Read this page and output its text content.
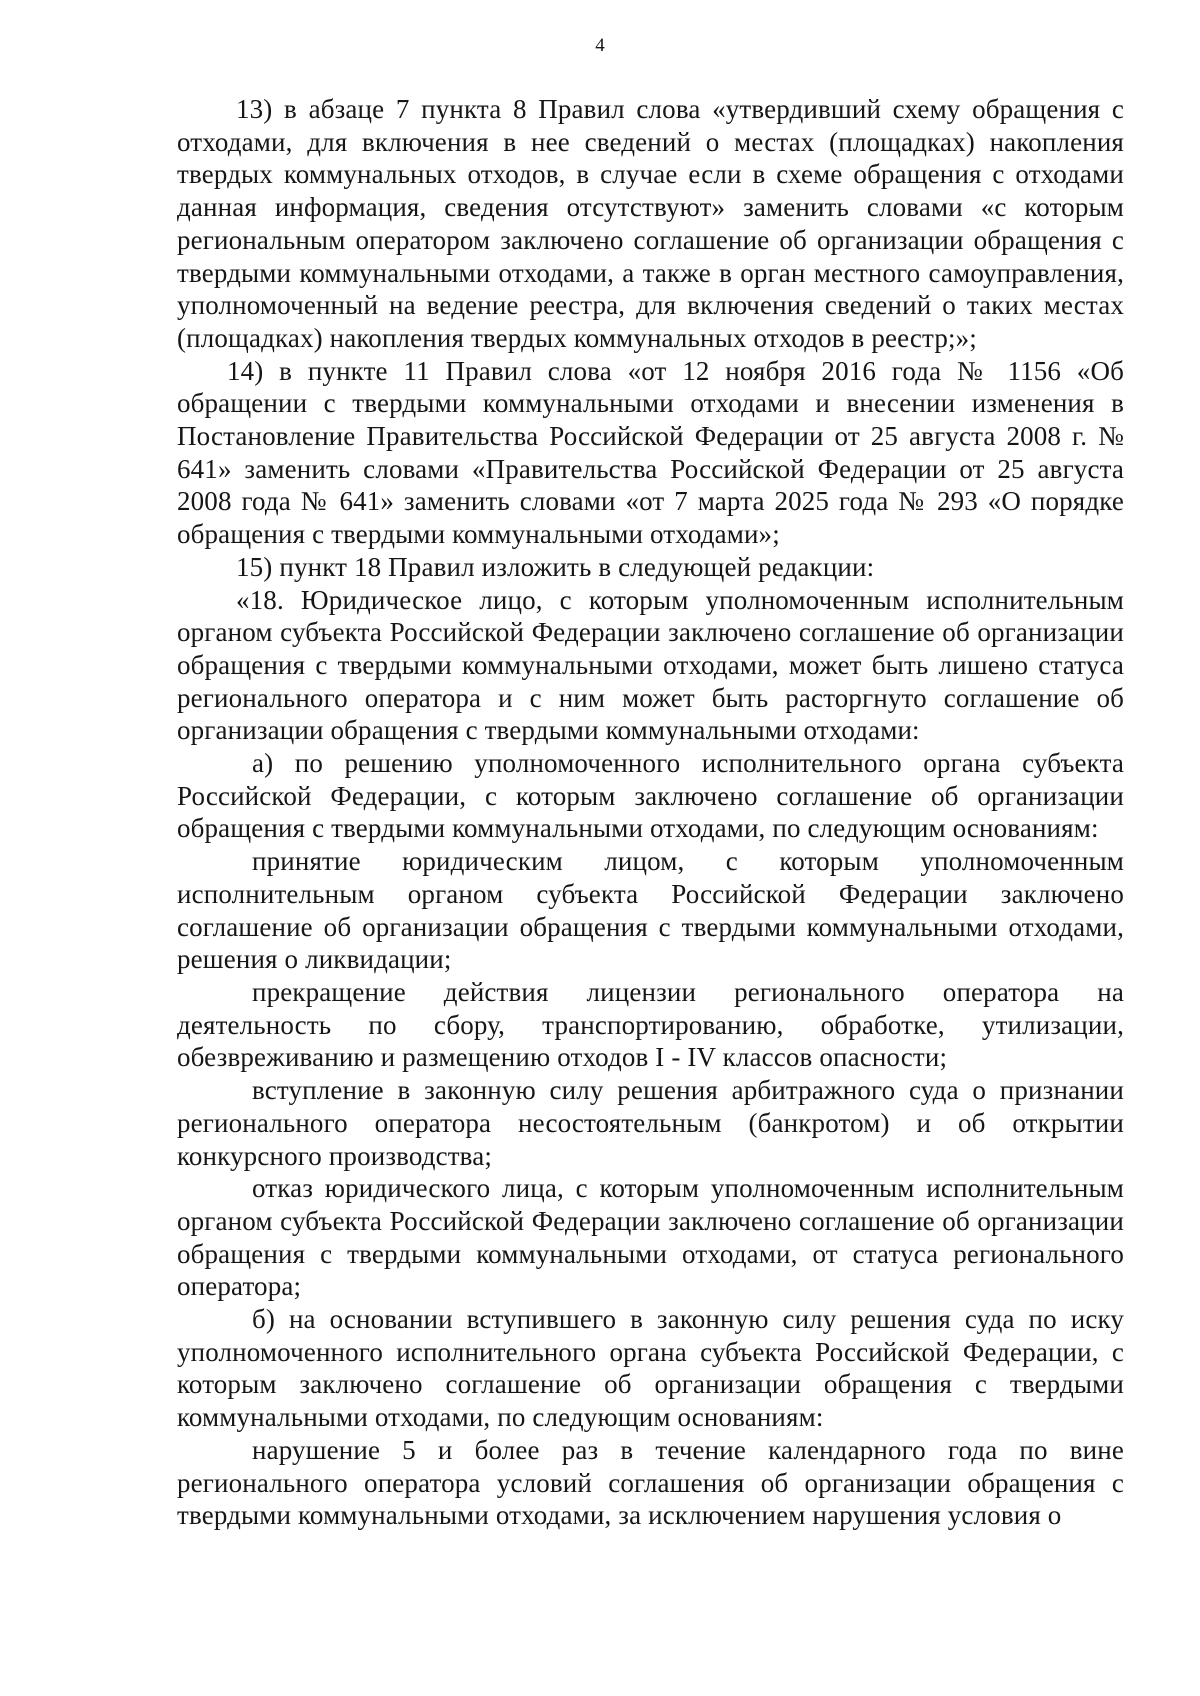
4

13) в абзаце 7 пункта 8 Правил слова «утвердивший схему обращения с отходами, для включения в нее сведений о местах (площадках) накопления твердых коммунальных отходов, в случае если в схеме обращения с отходами данная информация, сведения отсутствуют» заменить словами «с которым региональным оператором заключено соглашение об организации обращения с твердыми коммунальными отходами, а также в орган местного самоуправления, уполномоченный на ведение реестра, для включения сведений о таких местах (площадках) накопления твердых коммунальных отходов в реестр;»;

14) в пункте 11 Правил слова «от 12 ноября 2016 года № 1156 «Об обращении с твердыми коммунальными отходами и внесении изменения в Постановление Правительства Российской Федерации от 25 августа 2008 г. № 641» заменить словами «Правительства Российской Федерации от 25 августа 2008 года № 641» заменить словами «от 7 марта 2025 года № 293 «О порядке обращения с твердыми коммунальными отходами»;

15) пункт 18 Правил изложить в следующей редакции:

«18. Юридическое лицо, с которым уполномоченным исполнительным органом субъекта Российской Федерации заключено соглашение об организации обращения с твердыми коммунальными отходами, может быть лишено статуса регионального оператора и с ним может быть расторгнуто соглашение об организации обращения с твердыми коммунальными отходами:

а) по решению уполномоченного исполнительного органа субъекта Российской Федерации, с которым заключено соглашение об организации обращения с твердыми коммунальными отходами, по следующим основаниям:

принятие юридическим лицом, с которым уполномоченным исполнительным органом субъекта Российской Федерации заключено соглашение об организации обращения с твердыми коммунальными отходами, решения о ликвидации;

прекращение действия лицензии регионального оператора на деятельность по сбору, транспортированию, обработке, утилизации, обезвреживанию и размещению отходов I - IV классов опасности;

вступление в законную силу решения арбитражного суда о признании регионального оператора несостоятельным (банкротом) и об открытии конкурсного производства;

отказ юридического лица, с которым уполномоченным исполнительным органом субъекта Российской Федерации заключено соглашение об организации обращения с твердыми коммунальными отходами, от статуса регионального оператора;

б) на основании вступившего в законную силу решения суда по иску уполномоченного исполнительного органа субъекта Российской Федерации, с которым заключено соглашение об организации обращения с твердыми коммунальными отходами, по следующим основаниям:

нарушение 5 и более раз в течение календарного года по вине регионального оператора условий соглашения об организации обращения с твердыми коммунальными отходами, за исключением нарушения условия о
